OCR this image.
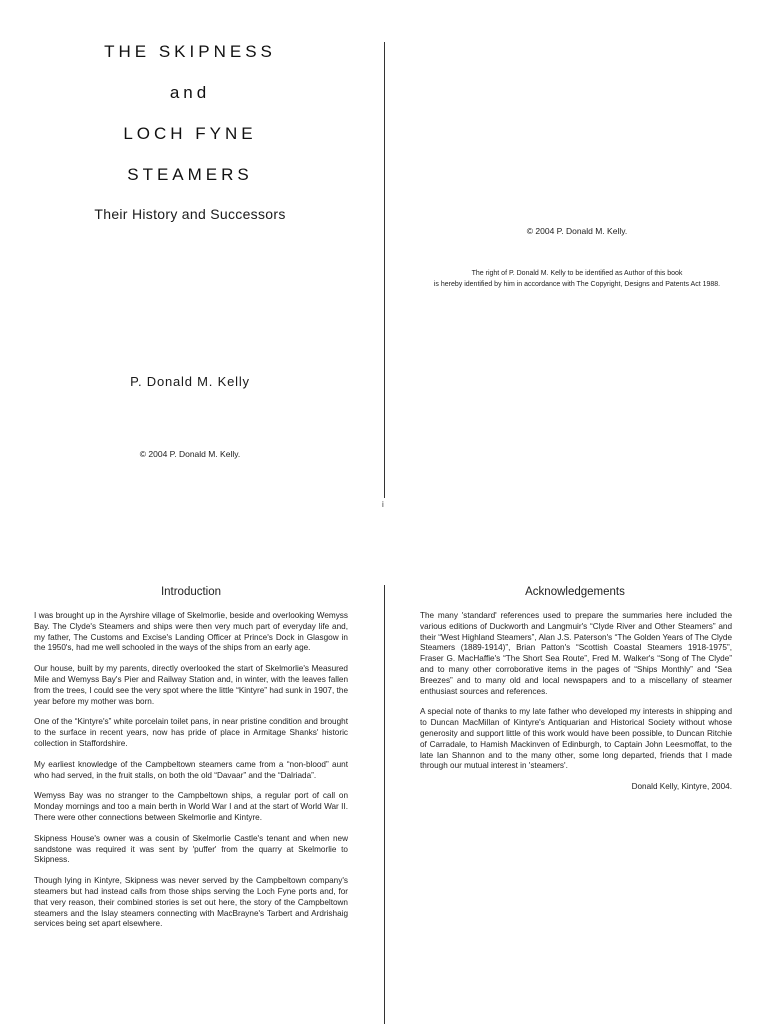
THE SKIPNESS
and
LOCH FYNE
STEAMERS
Their History and Successors
P. Donald M. Kelly
© 2004 P. Donald M. Kelly.
© 2004 P. Donald M. Kelly.
The right of P. Donald M. Kelly to be identified as Author of this book
is hereby identified by him in accordance with The Copyright, Designs and Patents Act 1988.
i
Introduction

I was brought up in the Ayrshire village of Skelmorlie, beside and overlooking Wemyss Bay. The Clyde's Steamers and ships were then very much part of everyday life and, my father, The Customs and Excise's Landing Officer at Prince's Dock in Glasgow in the 1950's, had me well schooled in the ways of the ships from an early age.

Our house, built by my parents, directly overlooked the start of Skelmorlie's Measured Mile and Wemyss Bay's Pier and Railway Station and, in winter, with the leaves fallen from the trees, I could see the very spot where the little “Kintyre” had sunk in 1907, the year before my mother was born.

One of the “Kintyre's” white porcelain toilet pans, in near pristine condition and brought to the surface in recent years, now has pride of place in Armitage Shanks' historic collection in Staffordshire.

My earliest knowledge of the Campbeltown steamers came from a “non-blood” aunt who had served, in the fruit stalls, on both the old “Davaar” and the “Dalriada”.

Wemyss Bay was no stranger to the Campbeltown ships, a regular port of call on Monday mornings and too a main berth in World War I and at the start of World War II. There were other connections between Skelmorlie and Kintyre.

Skipness House's owner was a cousin of Skelmorlie Castle's tenant and when new sandstone was required it was sent by 'puffer' from the quarry at Skelmorlie to Skipness.

Though lying in Kintyre, Skipness was never served by the Campbeltown company's steamers but had instead calls from those ships serving the Loch Fyne ports and, for that very reason, their combined stories is set out here, the story of the Campbeltown steamers and the Islay steamers connecting with MacBrayne's Tarbert and Ardrishaig services being set apart elsewhere.

Acknowledgements

The many 'standard' references used to prepare the summaries here included the various editions of Duckworth and Langmuir's “Clyde River and Other Steamers” and their “West Highland Steamers”, Alan J.S. Paterson's “The Golden Years of The Clyde Steamers (1889-1914)”, Brian Patton's “Scottish Coastal Steamers 1918-1975”, Fraser G. MacHaffie's “The Short Sea Route”, Fred M. Walker's “Song of The Clyde” and to many other corroborative items in the pages of “Ships Monthly” and “Sea Breezes” and to many old and local newspapers and to a miscellany of steamer enthusiast sources and references.

A special note of thanks to my late father who developed my interests in shipping and to Duncan MacMillan of Kintyre's Antiquarian and Historical Society without whose generosity and support little of this work would have been possible, to Duncan Ritchie of Carradale, to Hamish Mackinven of Edinburgh, to Captain John Leesmoffat, to the late Ian Shannon and to the many other, some long departed, friends that I made through our mutual interest in 'steamers'.

Donald Kelly, Kintyre, 2004.
